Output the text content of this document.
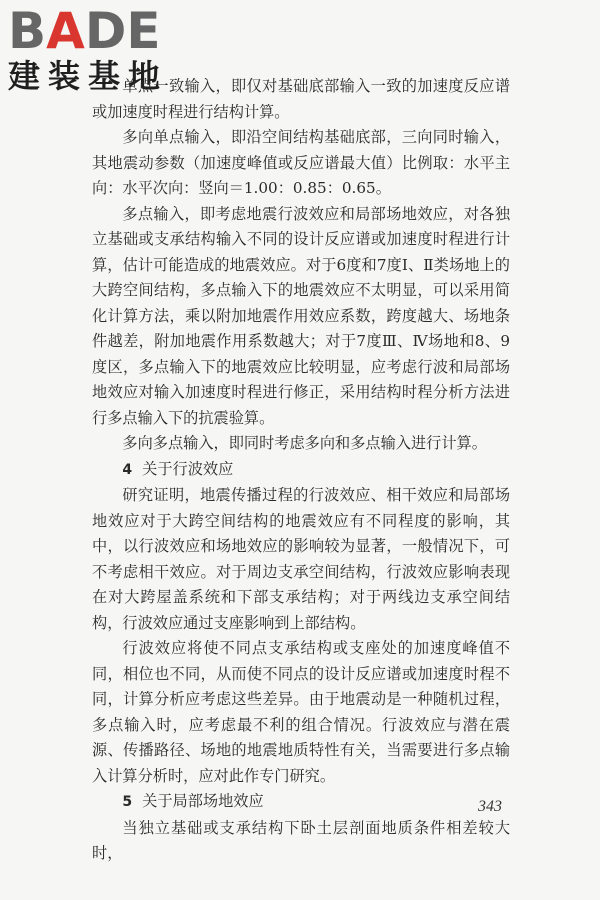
BADE
建装基地

单点一致输入，即仅对基础底部输入一致的加速度反应谱或加速度时程进行结构计算。

多向单点输入，即沿空间结构基础底部，三向同时输入，其地震动参数（加速度峰值或反应谱最大值）比例取：水平主向：水平次向：竖向＝1.00：0.85：0.65。

多点输入，即考虑地震行波效应和局部场地效应，对各独立基础或支承结构输入不同的设计反应谱或加速度时程进行计算，估计可能造成的地震效应。对于6度和7度Ⅰ、Ⅱ类场地上的大跨空间结构，多点输入下的地震效应不太明显，可以采用简化计算方法，乘以附加地震作用效应系数，跨度越大、场地条件越差，附加地震作用系数越大；对于7度Ⅲ、Ⅳ场地和8、9度区，多点输入下的地震效应比较明显，应考虑行波和局部场地效应对输入加速度时程进行修正，采用结构时程分析方法进行多点输入下的抗震验算。

多向多点输入，即同时考虑多向和多点输入进行计算。

4 关于行波效应

研究证明，地震传播过程的行波效应、相干效应和局部场地效应对于大跨空间结构的地震效应有不同程度的影响，其中，以行波效应和场地效应的影响较为显著，一般情况下，可不考虑相干效应。对于周边支承空间结构，行波效应影响表现在对大跨屋盖系统和下部支承结构；对于两线边支承空间结构，行波效应通过支座影响到上部结构。

行波效应将使不同点支承结构或支座处的加速度峰值不同，相位也不同，从而使不同点的设计反应谱或加速度时程不同，计算分析应考虑这些差异。由于地震动是一种随机过程，多点输入时，应考虑最不利的组合情况。行波效应与潜在震源、传播路径、场地的地震地质特性有关，当需要进行多点输入计算分析时，应对此作专门研究。

5 关于局部场地效应

当独立基础或支承结构下卧土层剖面地质条件相差较大时，

343
